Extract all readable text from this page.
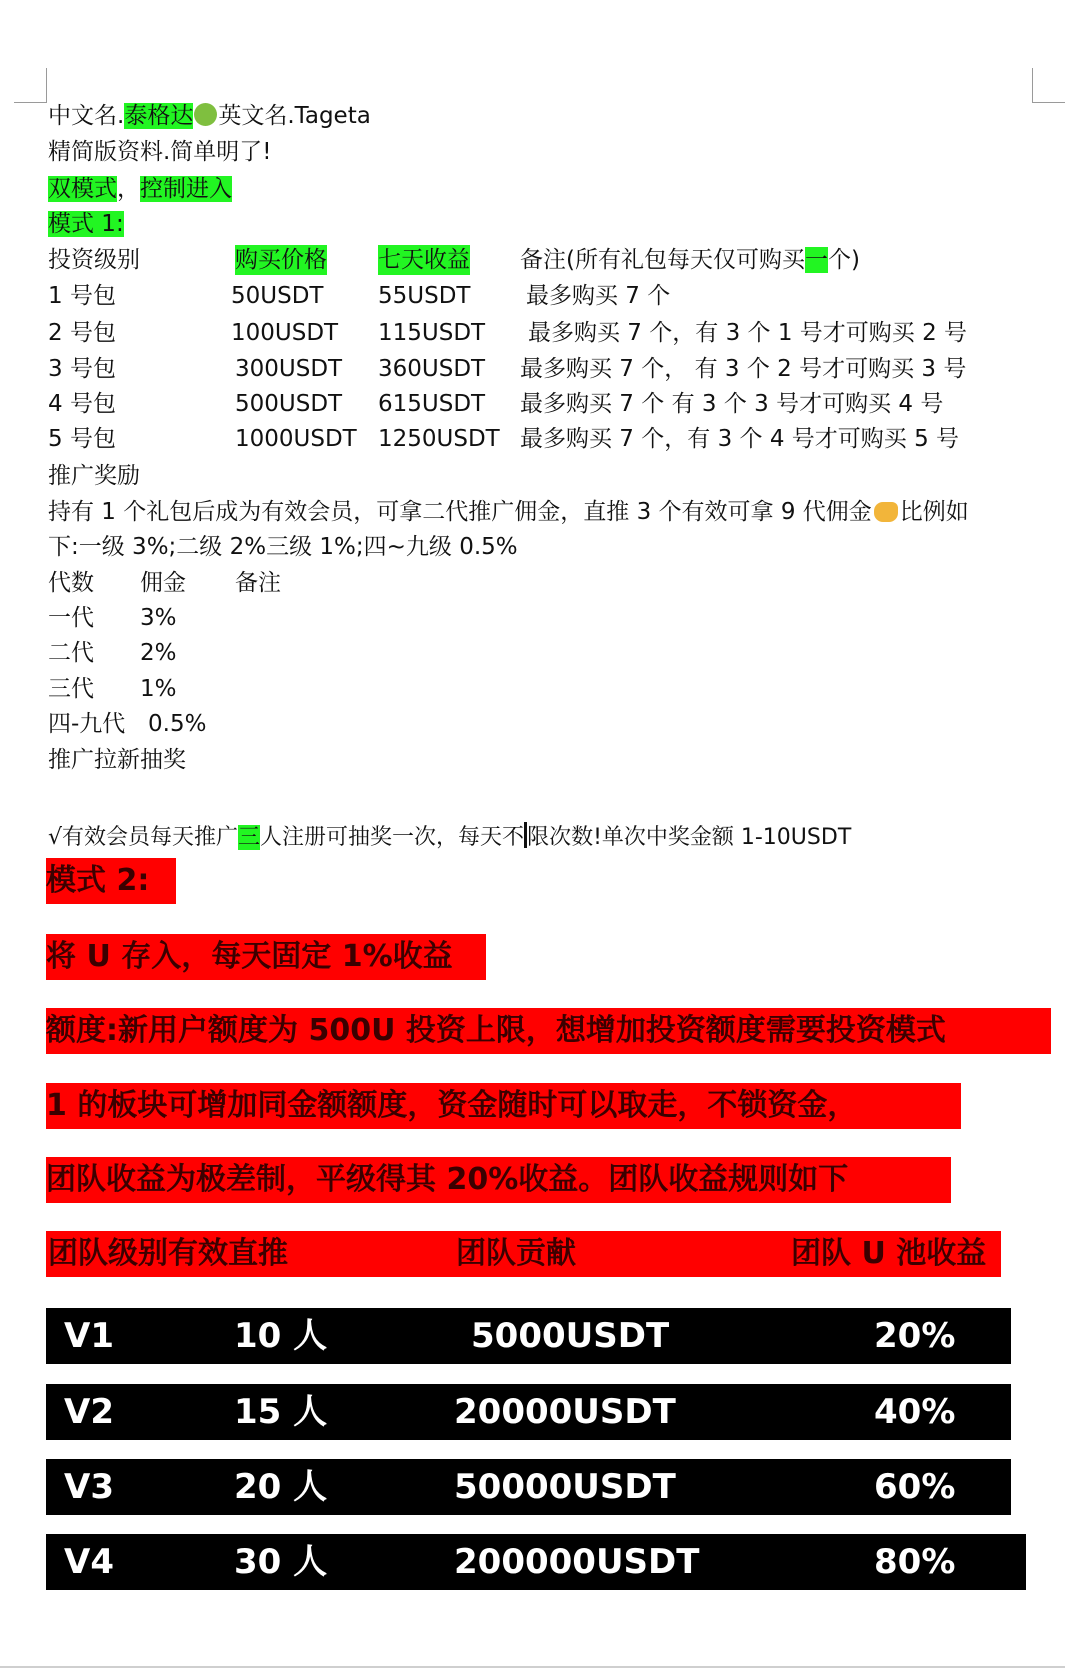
中文名.泰格达 英文名.Tageta
精简版资料.简单明了!
双模式，控制进入
模式 1:
投资级别	购买价格 七天收益 备注(所有礼包每天仅可购买一个)
1 号包	50USDT 55USDT 最多购买 7 个
2 号包	100USDT 115USDT 最多购买 7 个，有 3 个 1 号才可购买 2 号
3 号包	300USDT 360USDT 最多购买 7 个， 有 3 个 2 号才可购买 3 号
4 号包	500USDT 615USDT 最多购买 7 个 有 3 个 3 号才可购买 4 号
5 号包	1000USDT 1250USDT 最多购买 7 个，有 3 个 4 号才可购买 5 号
推广奖励
持有 1 个礼包后成为有效会员，可拿二代推广佣金，直推 3 个有效可拿 9 代佣金 比例如
下:一级 3%;二级 2%三级 1%;四~九级 0.5%
代数 佣金 备注
一代 3%
二代 2%
三代 1%
四-九代 0.5%
推广拉新抽奖
√有效会员每天推广三人注册可抽奖一次，每天不 限次数!单次中奖金额 1-10USDT
模式 2:
将 U 存入，每天固定 1%收益
额度:新用户额度为 500U 投资上限，想增加投资额度需要投资模式
1 的板块可增加同金额额度，资金随时可以取走，不锁资金，
团队收益为极差制，平级得其 20%收益。团队收益规则如下
团队级别有效直推	团队贡献	团队 U 池收益
V1	10 人	5000USDT	20%
V2	15 人	20000USDT	40%
V3	20 人	50000USDT	60%
V4	30 人	200000USDT	80%
